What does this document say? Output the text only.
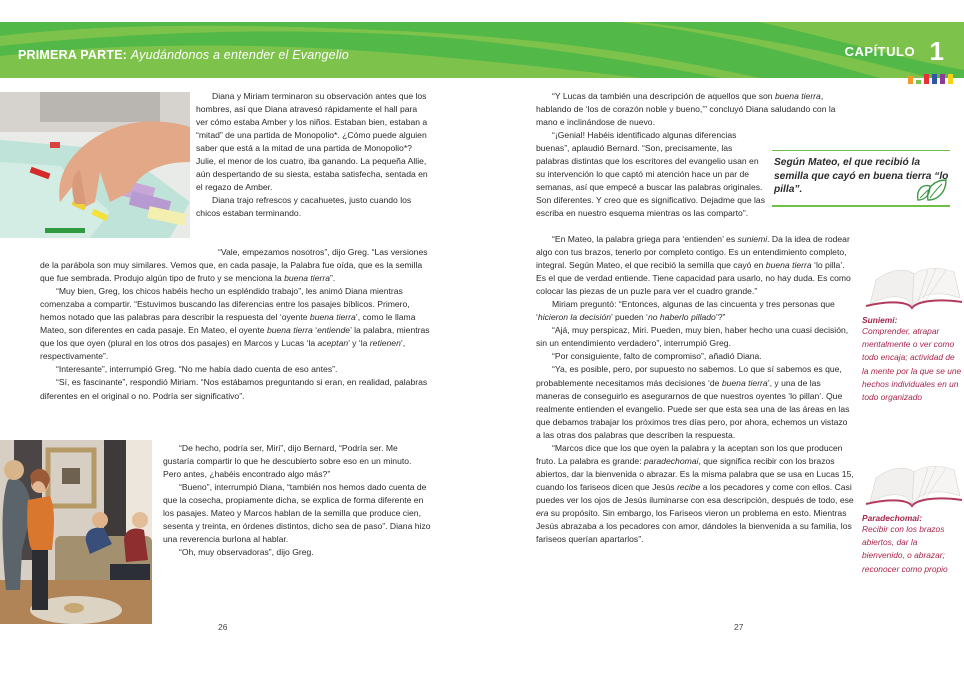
PRIMERA PARTE: Ayudándonos a entender el Evangelio	CAPÍTULO 1

Diana y Miriam terminaron su observación antes que los hombres, así que Diana atravesó rápidamente el hall para ver cómo estaba Amber y los niños. Estaban bien, estaban a “mitad” de una partida de Monopolio*. ¿Cómo puede alguien saber que está a la mitad de una partida de Monopolio*? Julie, el menor de los cuatro, iba ganando. La pequeña Allie, aún despertando de su siesta, estaba satisfecha, sentada en el regazo de Amber.

Diana trajo refrescos y cacahuetes, justo cuando los chicos estaban terminando.

“Vale, empezamos nosotros”, dijo Greg. “Las versiones de la parábola son muy similares. Vemos que, en cada pasaje, la Palabra fue oída, que es la semilla que fue sembrada. Produjo algún tipo de fruto y se menciona la buena tierra”.

“Muy bien, Greg, los chicos habéis hecho un espléndido trabajo”, les animó Diana mientras comenzaba a compartir. “Estuvimos buscando las diferencias entre los pasajes bíblicos. Primero, hemos notado que las palabras para describir la respuesta del ‘oyente buena tierra’, como le llama Mateo, son diferentes en cada pasaje. En Mateo, el oyente buena tierra ‘entiende’ la palabra, mientras que los que oyen (plural en los otros dos pasajes) en Marcos y Lucas ‘la aceptan’ y ‘la retienen’, respectivamente”.

“Interesante”, interrumpió Greg. “No me había dado cuenta de eso antes”.

“Sí, es fascinante”, respondió Miriam. “Nos estábamos preguntando si eran, en realidad, palabras diferentes en el original o no. Podría ser significativo”.

“De hecho, podría ser, Miri”, dijo Bernard, “Podría ser. Me gustaría compartir lo que he descubierto sobre eso en un minuto. Pero antes, ¿habéis encontrado algo más?”

“Bueno”, interrumpió Diana, “también nos hemos dado cuenta de que la cosecha, propiamente dicha, se explica de forma diferente en los pasajes. Mateo y Marcos hablan de la semilla que produce cien, sesenta y treinta, en órdenes distintos, dicho sea de paso”. Diana hizo una reverencia burlona al hablar.

“Oh, muy observadoras”, dijo Greg.

26

“Y Lucas da también una descripción de aquellos que son buena tierra, hablando de ‘los de corazón noble y bueno,’” concluyó Diana saludando con la mano e inclinándose de nuevo.

“¡Genial! Habéis identificado algunas diferencias buenas”, aplaudió Bernard. “Son, precisamente, las palabras distintas que los escritores del evangelio usan en su intervención lo que captó mi atención hace un par de semanas, así que empecé a buscar las palabras originales. Son diferentes. Y creo que es significativo. Dejadme que las escriba en nuestro esquema mientras os las comparto”.

“En Mateo, la palabra griega para ‘entienden’ es suniemi. Da la idea de rodear algo con tus brazos, tenerlo por completo contigo. Es un entendimiento completo, integral. Según Mateo, el que recibió la semilla que cayó en buena tierra ‘lo pilla’. Es el que de verdad entiende. Tiene capacidad para usarlo, no hay duda. Es como colocar las piezas de un puzle para ver el cuadro grande.”

Miriam preguntó: “Entonces, algunas de las cincuenta y tres personas que ‘hicieron la decisión’ pueden ‘no haberlo pillado’?”

“Ajá, muy perspicaz, Miri. Pueden, muy bien, haber hecho una cuasi decisión, sin un entendimiento verdadero”, interrumpió Greg.

“Por consiguiente, falto de compromiso”, añadió Diana.

“Ya, es posible, pero, por supuesto no sabemos. Lo que sí sabemos es que, probablemente necesitamos más decisiones ‘de buena tierra’, y una de las maneras de conseguirlo es asegurarnos de que nuestros oyentes ‘lo pillan’. Que realmente entienden el evangelio. Puede ser que esta sea una de las áreas en las que debamos trabajar los próximos tres días pero, por ahora, echemos un vistazo a las otras dos palabras que describen la respuesta.

“Marcos dice que los que oyen la palabra y la aceptan son los que producen fruto. La palabra es grande: paradechomai, que significa recibir con los brazos abiertos, dar la bienvenida o abrazar. Es la misma palabra que se usa en Lucas 15, cuando los fariseos dicen que Jesús recibe a los pecadores y come con ellos. Casi puedes ver los ojos de Jesús iluminarse con esa descripción, después de todo, ese era su propósito. Sin embargo, los Fariseos vieron un problema en esto. Mientras Jesús abrazaba a los pecadores con amor, dándoles la bienvenida a su familia, los fariseos querían apartarlos”.

27
Según Mateo, el que recibió la semilla que cayó en buena tierra “lo pilla”.
Suniemi:
Comprender, atrapar mentalmente o ver como todo encaja; actividad de la mente por la que se une hechos individuales en un todo organizado
Paradechomai:
Recibir con los brazos abiertos, dar la bienvenido, o abrazar; reconocer como propio
